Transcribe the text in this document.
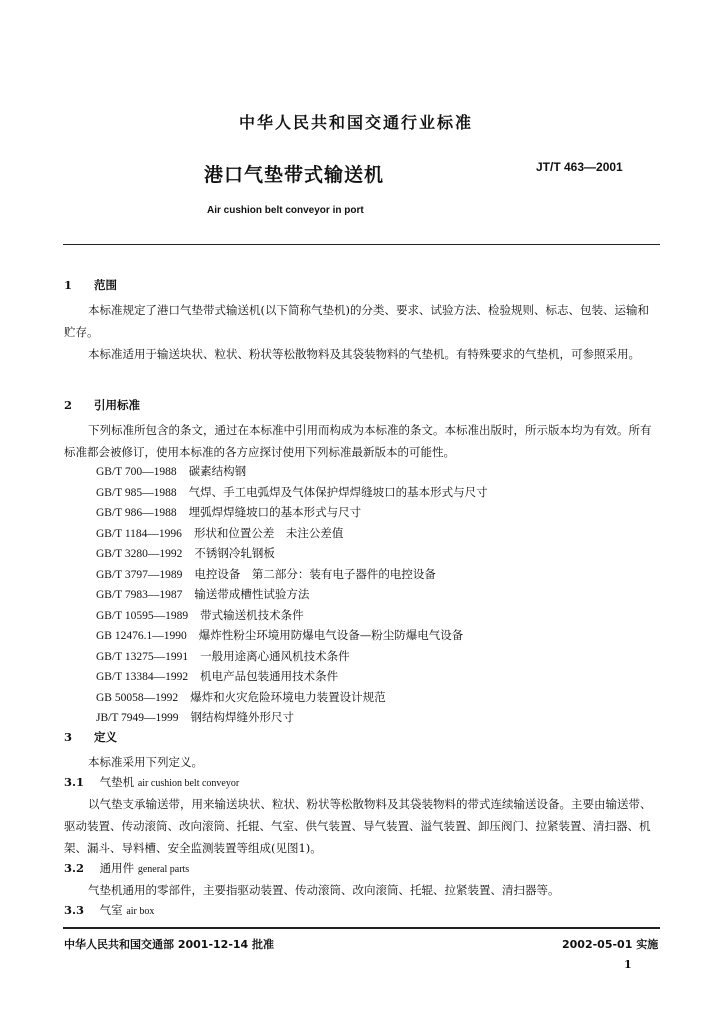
中华人民共和国交通行业标准
港口气垫带式输送机	JT/T 463—2001
Air cushion belt conveyor in port
1 范围
本标准规定了港口气垫带式输送机(以下简称气垫机)的分类、要求、试验方法、检验规则、标志、包装、运输和贮存。
本标准适用于输送块状、粒状、粉状等松散物料及其袋装物料的气垫机。有特殊要求的气垫机，可参照采用。
2 引用标准
下列标准所包含的条文，通过在本标准中引用而构成为本标准的条文。本标准出版时，所示版本均为有效。所有标准都会被修订，使用本标准的各方应探讨使用下列标准最新版本的可能性。
GB/T 700—1988 碳素结构钢
GB/T 985—1988 气焊、手工电弧焊及气体保护焊焊缝坡口的基本形式与尺寸
GB/T 986—1988 埋弧焊焊缝坡口的基本形式与尺寸
GB/T 1184—1996 形状和位置公差　未注公差值
GB/T 3280—1992 不锈钢冷轧钢板
GB/T 3797—1989 电控设备　第二部分：装有电子器件的电控设备
GB/T 7983—1987 输送带成槽性试验方法
GB/T 10595—1989 带式输送机技术条件
GB 12476.1—1990 爆炸性粉尘环境用防爆电气设备—粉尘防爆电气设备
GB/T 13275—1991 一般用途离心通风机技术条件
GB/T 13384—1992 机电产品包装通用技术条件
GB 50058—1992 爆炸和火灾危险环境电力装置设计规范
JB/T 7949—1999 钢结构焊缝外形尺寸
3 定义
本标准采用下列定义。
3.1 气垫机 air cushion belt conveyor
以气垫支承输送带，用来输送块状、粒状、粉状等松散物料及其袋装物料的带式连续输送设备。主要由输送带、驱动装置、传动滚筒、改向滚筒、托辊、气室、供气装置、导气装置、溢气装置、卸压阀门、拉紧装置、清扫器、机架、漏斗、导料槽、安全监测装置等组成(见图1)。
3.2 通用件 general parts
气垫机通用的零部件，主要指驱动装置、传动滚筒、改向滚筒、托辊、拉紧装置、清扫器等。
3.3 气室 air box
中华人民共和国交通部 2001-12-14 批准	2002-05-01 实施
1
